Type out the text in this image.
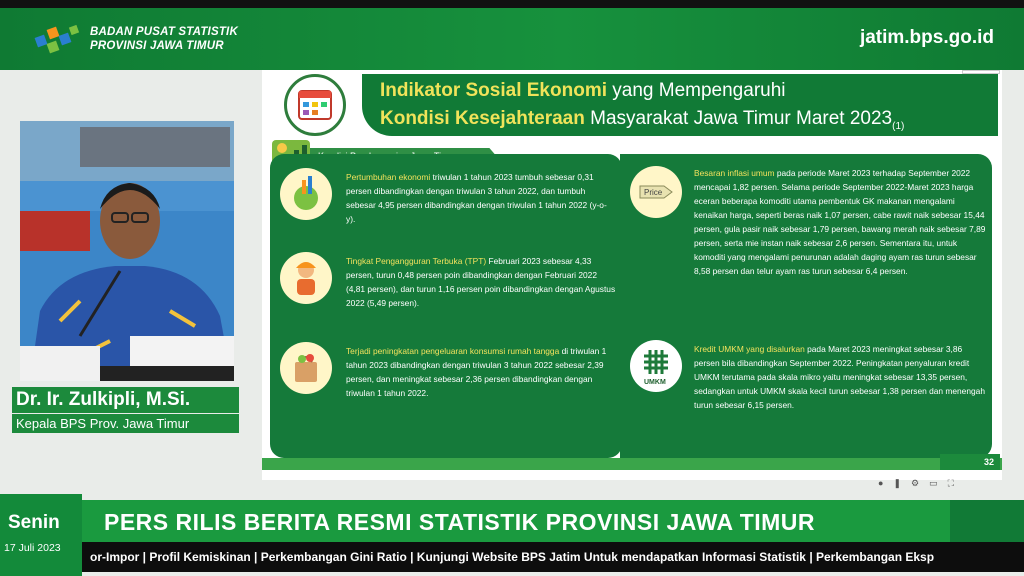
BADAN PUSAT STATISTIK
PROVINSI JAWA TIMUR	jatim.bps.go.id
Dr. Ir. Zulkipli, M.Si.
Kepala BPS Prov. Jawa Timur
Indikator Sosial Ekonomi yang Mempengaruhi
Kondisi Kesejahteraan Masyarakat Jawa Timur Maret $2023_{(1)}$
Pertumbuhan ekonomi triwulan 1 tahun 2023 tumbuh sebesar 0,31 persen dibandingkan dengan triwulan 3 tahun 2022, dan tumbuh sebesar 4,95 persen dibandingkan dengan triwulan 1 tahun 2022 (y-o-y).
Tingkat Pengangguran Terbuka (TPT) Februari 2023 sebesar 4,33 persen, turun 0,48 persen poin dibandingkan dengan Februari 2022 (4,81 persen), dan turun 1,16 persen poin dibandingkan dengan Agustus 2022 (5,49 persen).
Terjadi peningkatan pengeluaran konsumsi rumah tangga di triwulan 1 tahun 2023 dibandingkan dengan triwulan 3 tahun 2022 sebesar 2,39 persen, dan meningkat sebesar 2,36 persen dibandingkan dengan triwulan 1 tahun 2022.
Price
Besaran inflasi umum pada periode Maret 2023 terhadap September 2022 mencapai 1,82 persen. Selama periode September 2022-Maret 2023 harga eceran beberapa komoditi utama pembentuk GK makanan mengalami kenaikan harga, seperti beras naik 1,07 persen, cabe rawit naik sebesar 15,44 persen, gula pasir naik sebesar 1,79 persen, bawang merah naik sebesar 7,89 persen, serta mie instan naik sebesar 2,6 persen. Sementara itu, untuk komoditi yang mengalami penurunan adalah daging ayam ras turun sebesar 8,58 persen dan telur ayam ras turun sebesar 6,4 persen.
UMKM
Kredit UMKM yang disalurkan pada Maret 2023 meningkat sebesar 3,86 persen bila dibandingkan September 2022. Peningkatan penyaluran kredit UMKM terutama pada skala mikro yaitu meningkat sebesar 13,35 persen, sedangkan untuk UMKM skala kecil turun sebesar 1,38 persen dan menengah turun sebesar 6,15 persen.
32
●❚⚙▭⛶
Senin
17 Juli 2023
PERS RILIS BERITA RESMI STATISTIK PROVINSI JAWA TIMUR
or-Impor | Profil Kemiskinan | Perkembangan Gini Ratio | Kunjungi Website BPS Jatim Untuk mendapatkan Informasi Statistik | Perkembangan Eksp
